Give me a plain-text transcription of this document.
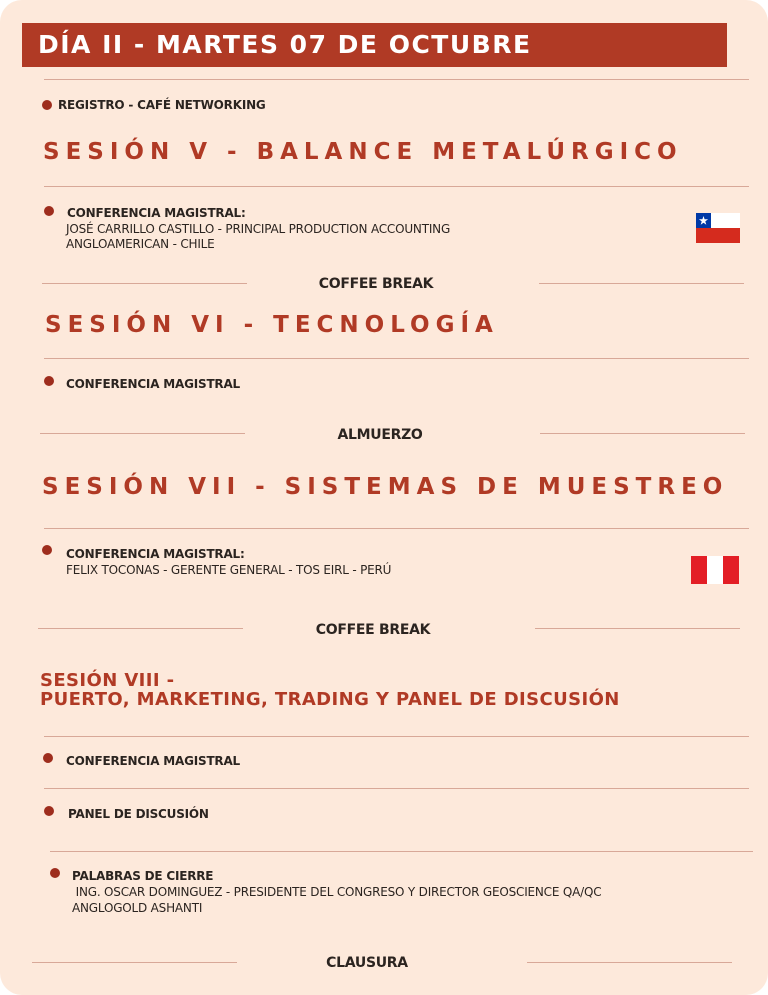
DÍA II - MARTES 07 DE OCTUBRE
REGISTRO - CAFÉ NETWORKING
SESIÓN V - BALANCE METALÚRGICO
CONFERENCIA MAGISTRAL:
JOSÉ CARRILLO CASTILLO - PRINCIPAL PRODUCTION ACCOUNTING
ANGLOAMERICAN - CHILE
COFFEE BREAK
SESIÓN VI - TECNOLOGÍA
CONFERENCIA MAGISTRAL
ALMUERZO
SESIÓN VII - SISTEMAS DE MUESTREO
CONFERENCIA MAGISTRAL:
FELIX TOCONAS - GERENTE GENERAL - TOS EIRL - PERÚ
COFFEE BREAK
SESIÓN VIII -
PUERTO, MARKETING, TRADING Y PANEL DE DISCUSIÓN
CONFERENCIA MAGISTRAL
PANEL DE DISCUSIÓN
PALABRAS DE CIERRE
ING. OSCAR DOMINGUEZ - PRESIDENTE DEL CONGRESO Y DIRECTOR GEOSCIENCE QA/QC
ANGLOGOLD ASHANTI
CLAUSURA
